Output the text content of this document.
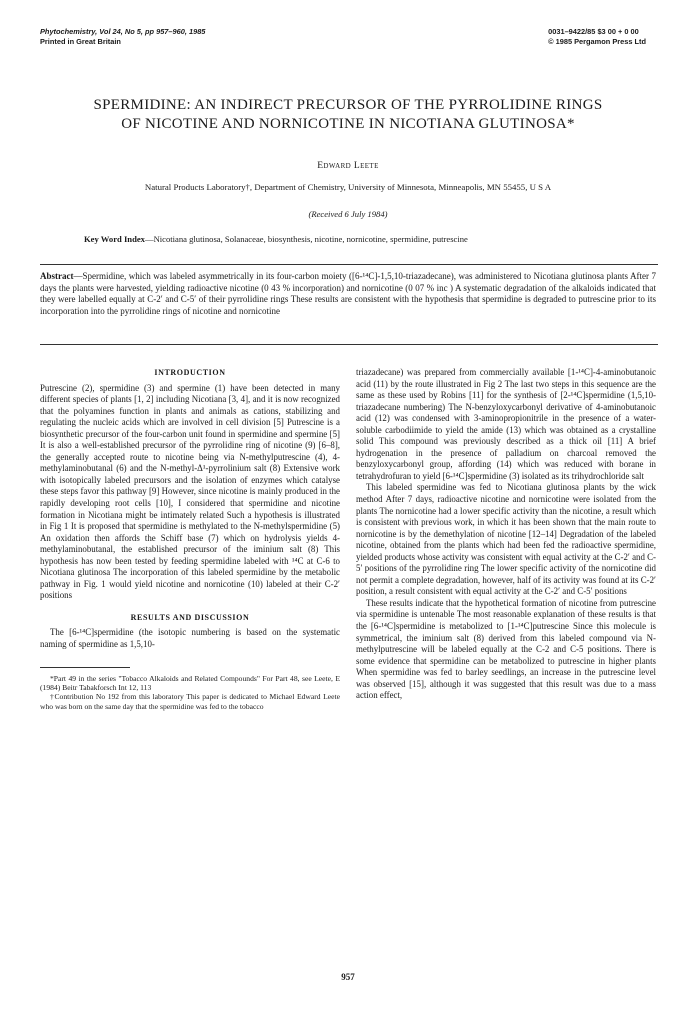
Phytochemistry, Vol 24, No 5, pp 957–960, 1985
Printed in Great Britain
0031–9422/85 $3 00 + 0 00
© 1985 Pergamon Press Ltd
SPERMIDINE: AN INDIRECT PRECURSOR OF THE PYRROLIDINE RINGS
OF NICOTINE AND NORNICOTINE IN NICOTIANA GLUTINOSA*
Edward Leete
Natural Products Laboratory†, Department of Chemistry, University of Minnesota, Minneapolis, MN 55455, U S A
(Received 6 July 1984)
Key Word Index—Nicotiana glutinosa, Solanaceae, biosynthesis, nicotine, nornicotine, spermidine, putrescine
Abstract—Spermidine, which was labeled asymmetrically in its four-carbon moiety ([6-¹⁴C]-1,5,10-triazadecane), was administered to Nicotiana glutinosa plants After 7 days the plants were harvested, yielding radioactive nicotine (0 43 % incorporation) and nornicotine (0 07 % inc ) A systematic degradation of the alkaloids indicated that they were labelled equally at C-2′ and C-5′ of their pyrrolidine rings These results are consistent with the hypothesis that spermidine is degraded to putrescine prior to its incorporation into the pyrrolidine rings of nicotine and nornicotine
INTRODUCTION

Putrescine (2), spermidine (3) and spermine (1) have been detected in many different species of plants [1, 2] including Nicotiana [3, 4], and it is now recognized that the polyamines function in plants and animals as cations, stabilizing and regulating the nucleic acids which are involved in cell division [5] Putrescine is a biosynthetic precursor of the four-carbon unit found in spermidine and spermine [5] It is also a well-established precursor of the pyrrolidine ring of nicotine (9) [6–8], the generally accepted route to nicotine being via N-methylputrescine (4), 4-methylaminobutanal (6) and the N-methyl-Δ¹-pyrrolinium salt (8) Extensive work with isotopically labeled precursors and the isolation of enzymes which catalyse these steps favor this pathway [9] However, since nicotine is mainly produced in the rapidly developing root cells [10], I considered that spermidine and nicotine formation in Nicotiana might be intimately related Such a hypothesis is illustrated in Fig 1 It is proposed that spermidine is methylated to the N-methylspermidine (5) An oxidation then affords the Schiff base (7) which on hydrolysis yields 4-methylaminobutanal, the established precursor of the iminium salt (8) This hypothesis has now been tested by feeding spermidine labeled with ¹⁴C at C-6 to Nicotiana glutinosa The incorporation of this labeled spermidine by the metabolic pathway in Fig. 1 would yield nicotine and nornicotine (10) labeled at their C-2′ positions

RESULTS AND DISCUSSION

The [6-¹⁴C]spermidine (the isotopic numbering is based on the systematic naming of spermidine as 1,5,10-

*Part 49 in the series "Tobacco Alkaloids and Related Compounds" For Part 48, see Leete, E (1984) Beitr Tabakforsch Int 12, 113

†Contribution No 192 from this laboratory This paper is dedicated to Michael Edward Leete who was born on the same day that the spermidine was fed to the tobacco

triazadecane) was prepared from commercially available [1-¹⁴C]-4-aminobutanoic acid (11) by the route illustrated in Fig 2 The last two steps in this sequence are the same as these used by Robins [11] for the synthesis of [2-¹⁴C]spermidine (1,5,10-triazadecane numbering) The N-benzyloxycarbonyl derivative of 4-aminobutanoic acid (12) was condensed with 3-aminopropionitrile in the presence of a water-soluble carbodiimide to yield the amide (13) which was obtained as a crystalline solid This compound was previously described as a thick oil [11] A brief hydrogenation in the presence of palladium on charcoal removed the benzyloxycarbonyl group, affording (14) which was reduced with borane in tetrahydrofuran to yield [6-¹⁴C]spermidine (3) isolated as its trihydrochloride salt

This labeled spermidine was fed to Nicotiana glutinosa plants by the wick method After 7 days, radioactive nicotine and nornicotine were isolated from the plants The nornicotine had a lower specific activity than the nicotine, a result which is consistent with previous work, in which it has been shown that the main route to nornicotine is by the demethylation of nicotine [12–14] Degradation of the labeled nicotine, obtained from the plants which had been fed the radioactive spermidine, yielded products whose activity was consistent with equal activity at the C-2′ and C-5′ positions of the pyrrolidine ring The lower specific activity of the nornicotine did not permit a complete degradation, however, half of its activity was found at its C-2′ position, a result consistent with equal activity at the C-2′ and C-5′ positions

These results indicate that the hypothetical formation of nicotine from putrescine via spermidine is untenable The most reasonable explanation of these results is that the [6-¹⁴C]spermidine is metabolized to [1-¹⁴C]putrescine Since this molecule is symmetrical, the iminium salt (8) derived from this labeled compound via N-methylputrescine will be labeled equally at the C-2 and C-5 positions. There is some evidence that spermidine can be metabolized to putrescine in higher plants When spermidine was fed to barley seedlings, an increase in the putrescine level was observed [15], although it was suggested that this result was due to a mass action effect,

957
